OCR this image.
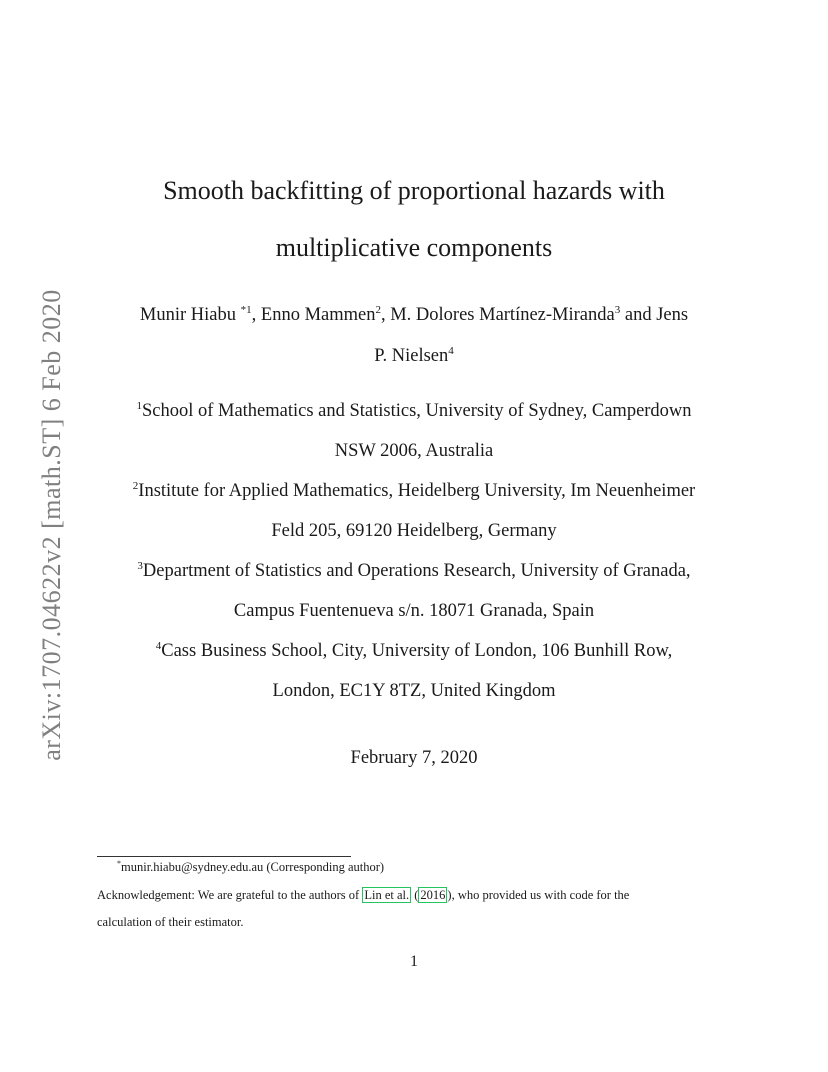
arXiv:1707.04622v2 [math.ST] 6 Feb 2020
Smooth backfitting of proportional hazards with
multiplicative components
Munir Hiabu $^{*1}$, Enno Mammen$^2$, M. Dolores Martínez-Miranda$^3$ and Jens
P. Nielsen$^4$
$^1$School of Mathematics and Statistics, University of Sydney, Camperdown
NSW 2006, Australia
$^2$Institute for Applied Mathematics, Heidelberg University, Im Neuenheimer
Feld 205, 69120 Heidelberg, Germany
$^3$Department of Statistics and Operations Research, University of Granada,
Campus Fuentenueva s/n. 18071 Granada, Spain
$^4$Cass Business School, City, University of London, 106 Bunhill Row,
London, EC1Y 8TZ, United Kingdom
February 7, 2020
*munir.hiabu@sydney.edu.au (Corresponding author)
Acknowledgement: We are grateful to the authors of Lin et al. ( 2016 ), who provided us with code for the
calculation of their estimator.
1
